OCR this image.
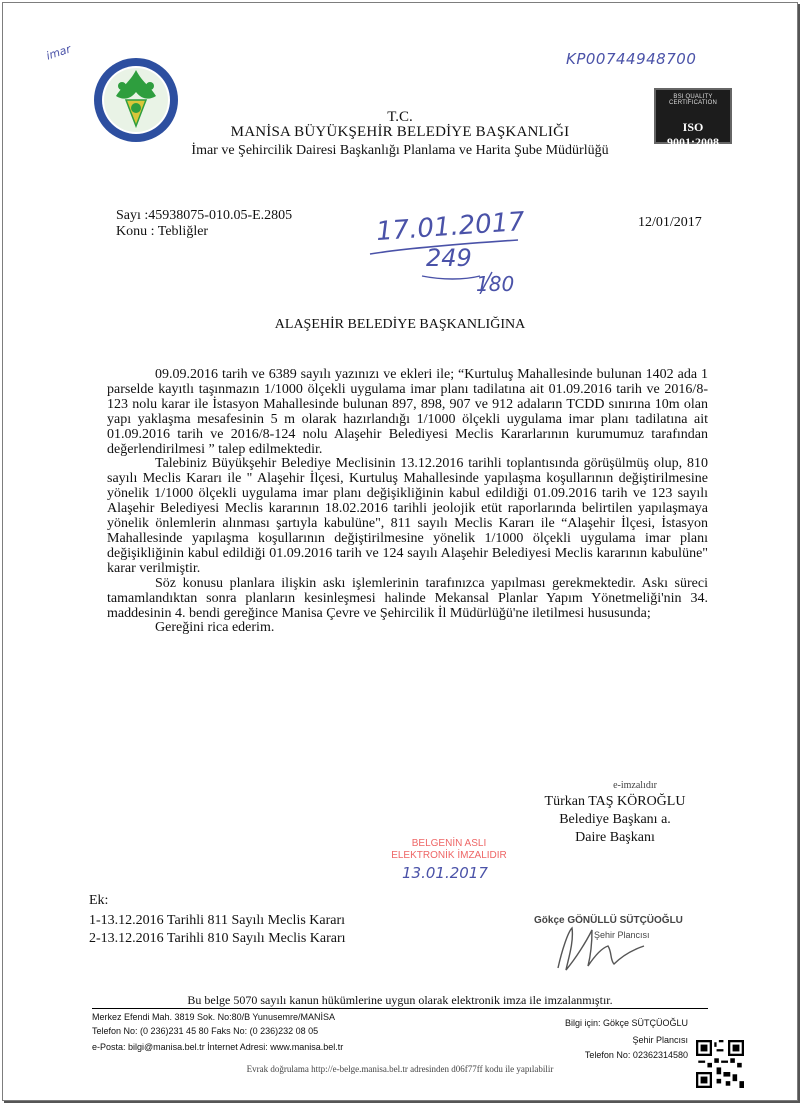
imar	KP00744948700
BSI QUALITY CERTIFICATION
ISO 9001:2008
T.C.
MANİSA BÜYÜKŞEHİR BELEDİYE BAŞKANLIĞI
İmar ve Şehircilik Dairesi Başkanlığı Planlama ve Harita Şube Müdürlüğü
Sayı :45938075-010.05-E.2805
Konu : Tebliğler
12/01/2017
17.01.2017
249
180
ALAŞEHİR BELEDİYE BAŞKANLIĞINA

09.09.2016 tarih ve 6389 sayılı yazınızı ve ekleri ile; “Kurtuluş Mahallesinde bulunan 1402 ada 1 parselde kayıtlı taşınmazın 1/1000 ölçekli uygulama imar planı tadilatına ait 01.09.2016 tarih ve 2016/8-123 nolu karar ile İstasyon Mahallesinde bulunan 897, 898, 907 ve 912 adaların TCDD sınırına 10m olan yapı yaklaşma mesafesinin 5 m olarak hazırlandığı 1/1000 ölçekli uygulama imar planı tadilatına ait 01.09.2016 tarih ve 2016/8-124 nolu Alaşehir Belediyesi Meclis Kararlarının kurumumuz tarafından değerlendirilmesi ” talep edilmektedir.

Talebiniz Büyükşehir Belediye Meclisinin 13.12.2016 tarihli toplantısında görüşülmüş olup, 810 sayılı Meclis Kararı ile " Alaşehir İlçesi, Kurtuluş Mahallesinde yapılaşma koşullarının değiştirilmesine yönelik 1/1000 ölçekli uygulama imar planı değişikliğinin kabul edildiği 01.09.2016 tarih ve 123 sayılı Alaşehir Belediyesi Meclis kararının 18.02.2016 tarihli jeolojik etüt raporlarında belirtilen yapılaşmaya yönelik önlemlerin alınması şartıyla kabulüne", 811 sayılı Meclis Kararı ile “Alaşehir İlçesi, İstasyon Mahallesinde yapılaşma koşullarının değiştirilmesine yönelik 1/1000 ölçekli uygulama imar planı değişikliğinin kabul edildiği 01.09.2016 tarih ve 124 sayılı Alaşehir Belediyesi Meclis kararının kabulüne" karar verilmiştir.

Söz konusu planlara ilişkin askı işlemlerinin tarafınızca yapılması gerekmektedir. Askı süreci tamamlandıktan sonra planların kesinleşmesi halinde Mekansal Planlar Yapım Yönetmeliği'nin 34. maddesinin 4. bendi gereğince Manisa Çevre ve Şehircilik İl Müdürlüğü'ne iletilmesi hususunda;

Gereğini rica ederim.

e-imzalıdır
Türkan TAŞ KÖROĞLU
Belediye Başkanı a.
Daire Başkanı
BELGENİN ASLI
ELEKTRONİK İMZALIDIR
13.01.2017
Ek:
1-13.12.2016 Tarihli 811 Sayılı Meclis Kararı
2-13.12.2016 Tarihli 810 Sayılı Meclis Kararı
Gökçe GÖNÜLLÜ SÜTÇÜOĞLU
Şehir Plancısı
Bu belge 5070 sayılı kanun hükümlerine uygun olarak elektronik imza ile imzalanmıştır.
Merkez Efendi Mah. 3819 Sok. No:80/B Yunusemre/MANİSA
Telefon No: (0 236)231 45 80 Faks No: (0 236)232 08 05
e-Posta: bilgi@manisa.bel.tr İnternet Adresi: www.manisa.bel.tr
Bilgi için: Gökçe SÜTÇÜOĞLU
Şehir Plancısı
Telefon No: 02362314580
Evrak doğrulama http://e-belge.manisa.bel.tr adresinden d06f77ff kodu ile yapılabilir
